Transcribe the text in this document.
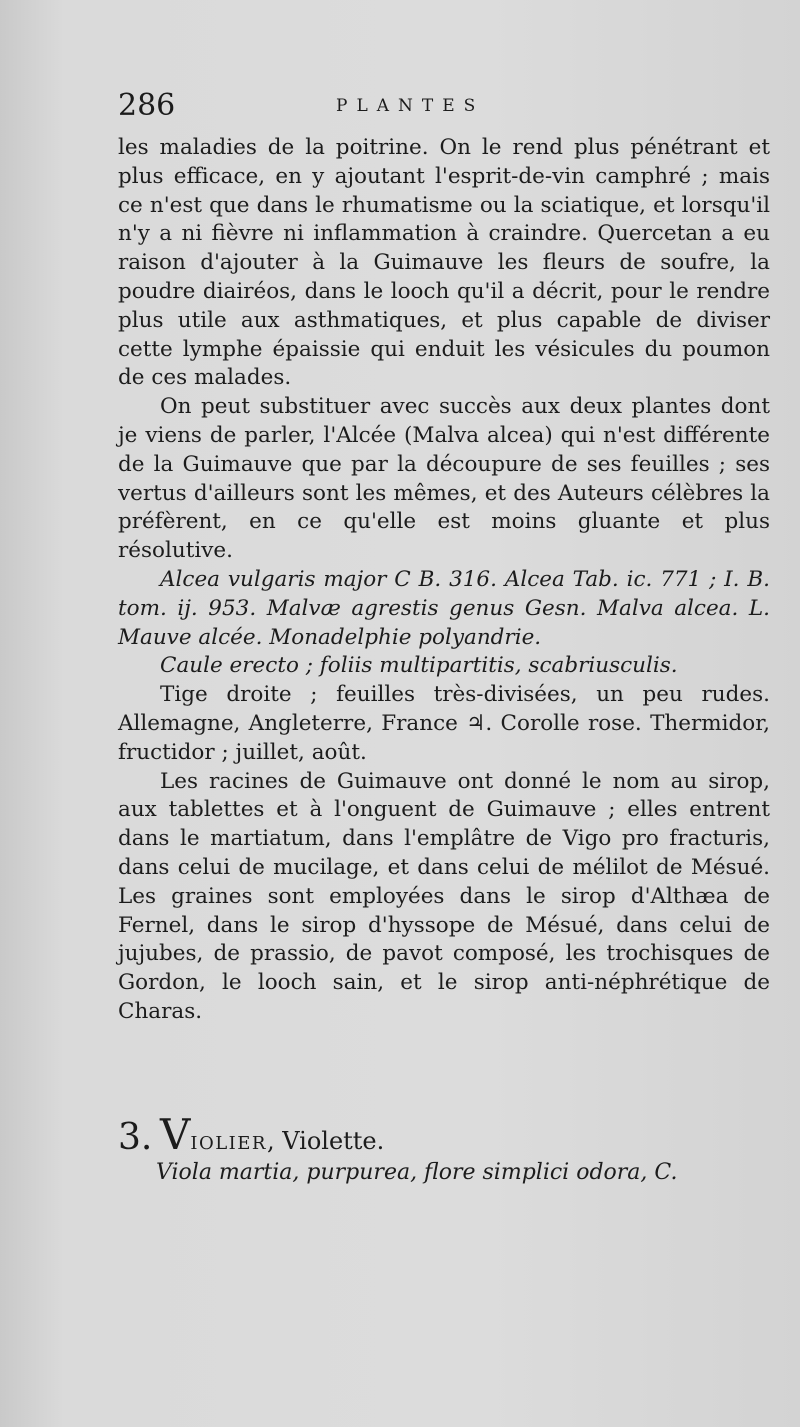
286	PLANTES

les maladies de la poitrine. On le rend plus pénétrant et plus efficace, en y ajoutant l'esprit-de-vin camphré ; mais ce n'est que dans le rhumatisme ou la sciatique, et lorsqu'il n'y a ni fièvre ni inflammation à craindre. Quercetan a eu raison d'ajouter à la Guimauve les fleurs de soufre, la poudre diairéos, dans le looch qu'il a décrit, pour le rendre plus utile aux asthmatiques, et plus capable de diviser cette lymphe épaissie qui enduit les vésicules du poumon de ces malades.

On peut substituer avec succès aux deux plantes dont je viens de parler, l'Alcée (Malva alcea) qui n'est différente de la Guimauve que par la découpure de ses feuilles ; ses vertus d'ailleurs sont les mêmes, et des Auteurs célèbres la préfèrent, en ce qu'elle est moins gluante et plus résolutive.

Alcea vulgaris major C B. 316. Alcea Tab. ic. 771 ; I. B. tom. ij. 953. Malvæ agrestis genus Gesn. Malva alcea. L. Mauve alcée. Monadelphie polyandrie.

Caule erecto ; foliis multipartitis, scabriusculis.

Tige droite ; feuilles très-divisées, un peu rudes. Allemagne, Angleterre, France ♃. Corolle rose. Thermidor, fructidor ; juillet, août.

Les racines de Guimauve ont donné le nom au sirop, aux tablettes et à l'onguent de Guimauve ; elles entrent dans le martiatum, dans l'emplâtre de Vigo pro fracturis, dans celui de mucilage, et dans celui de mélilot de Mésué. Les graines sont employées dans le sirop d'Althæa de Fernel, dans le sirop d'hyssope de Mésué, dans celui de jujubes, de prassio, de pavot composé, les trochisques de Gordon, le looch sain, et le sirop anti-néphrétique de Charas.

3. VIOLIER, Violette.
Viola martia, purpurea, flore simplici odora, C.
